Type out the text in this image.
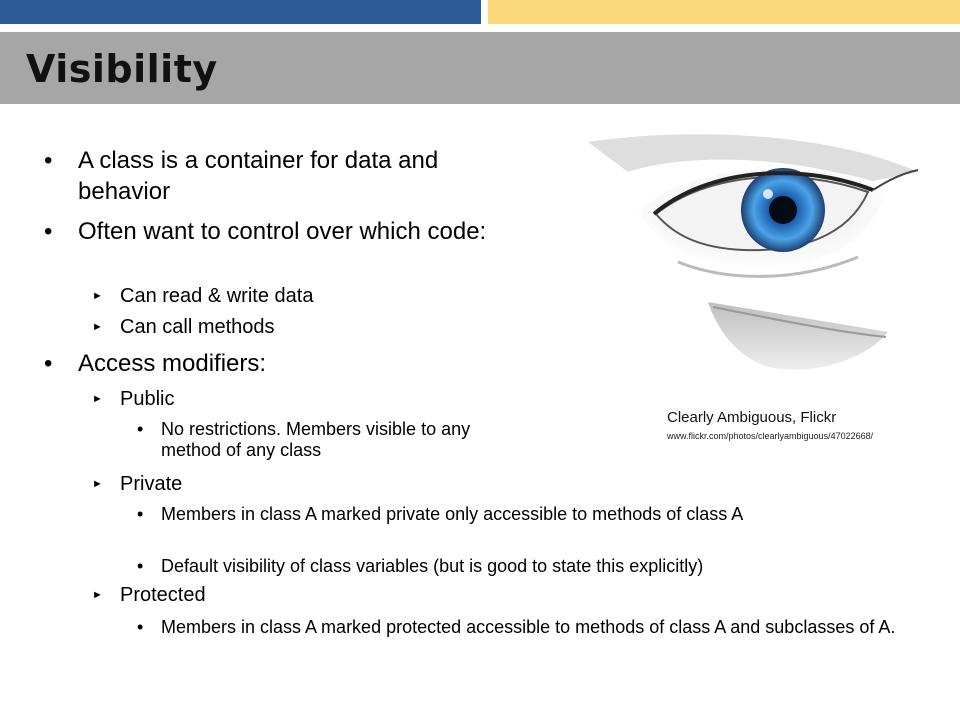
Visibility
• A class is a container for data and behavior
• Often want to control over which code:
► Can read & write data
► Can call methods
• Access modifiers:
► Public
• No restrictions. Members visible to any method of any class
► Private
• Members in class A marked private only accessible to methods of class A
• Default visibility of class variables (but is good to state this explicitly)
► Protected
• Members in class A marked protected accessible to methods of class A and subclasses of A.
Clearly Ambiguous, Flickr
www.flickr.com/photos/clearlyambiguous/47022668/
